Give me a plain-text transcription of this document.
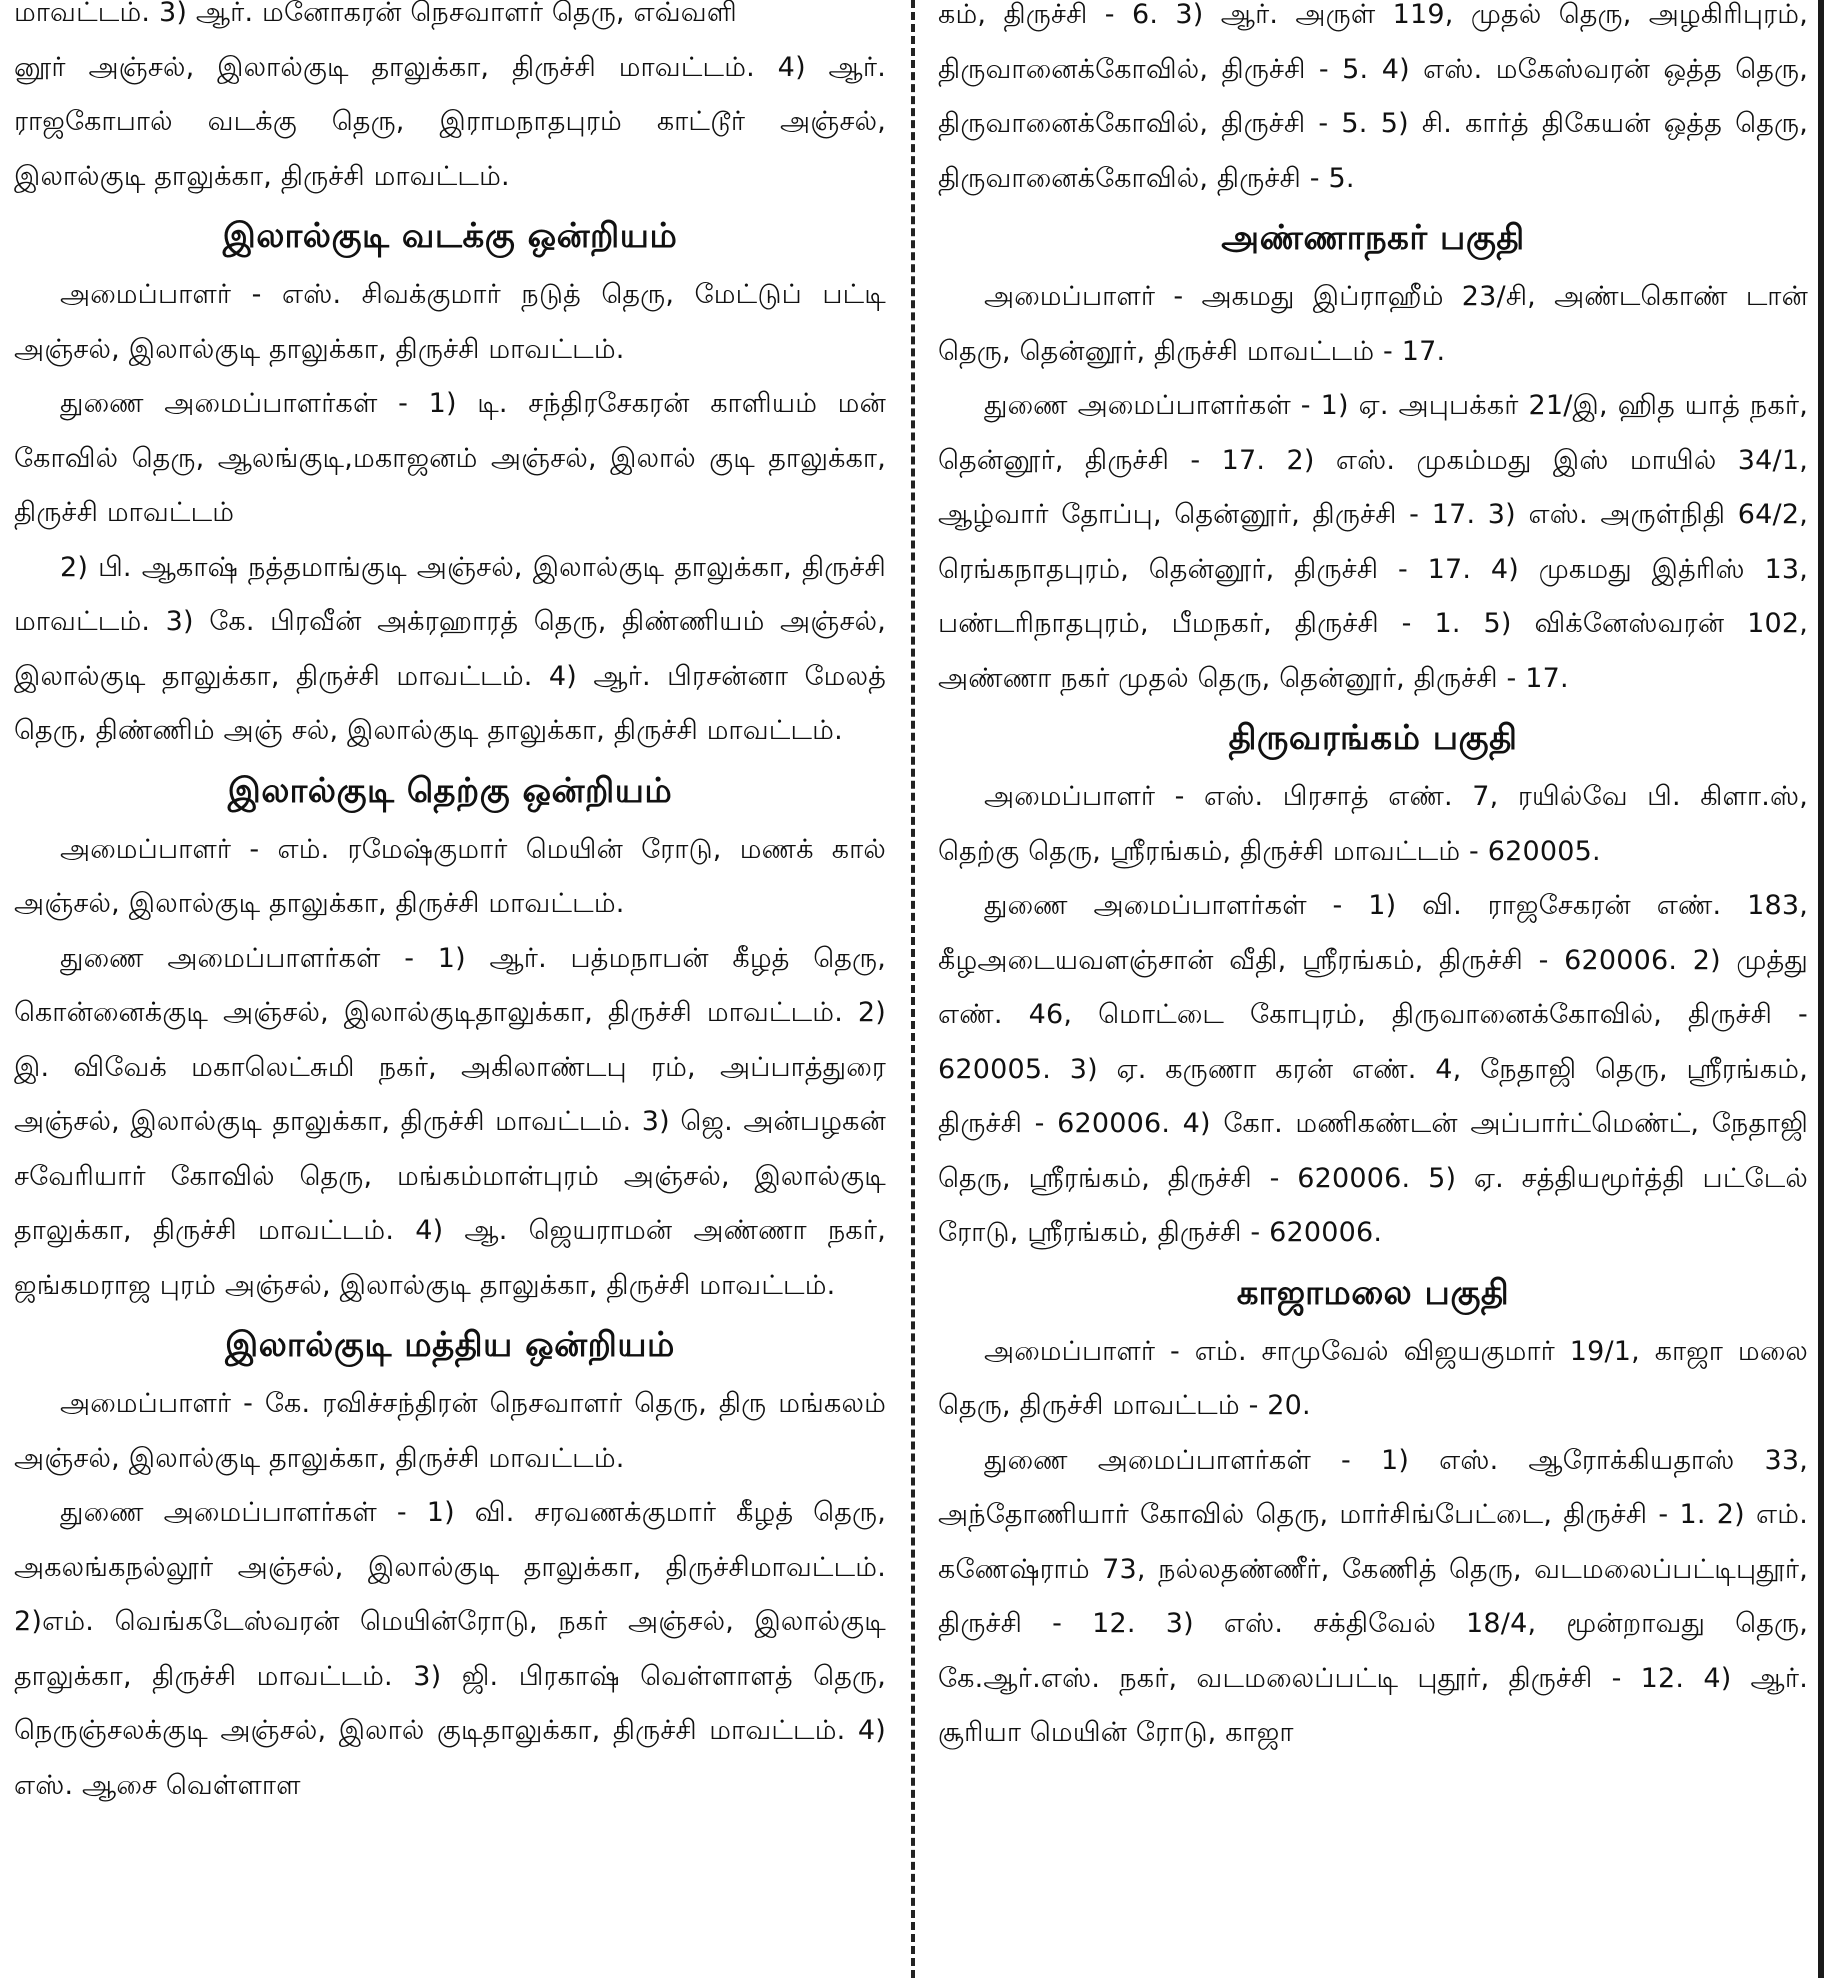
மாவட்டம். 3) ஆர். மனோகரன் நெசவாளர் தெரு, எவ்வளி

னூர் அஞ்சல், இலால்குடி தாலுக்கா, திருச்சி மாவட்டம். 4) ஆர். ராஜகோபால் வடக்கு தெரு, இராமநாதபுரம் காட்டூர் அஞ்சல், இலால்குடி தாலுக்கா, திருச்சி மாவட்டம்.

இலால்குடி வடக்கு ஒன்றியம்

அமைப்பாளர் - எஸ். சிவக்குமார் நடுத் தெரு, மேட்டுப் பட்டி அஞ்சல், இலால்குடி தாலுக்கா, திருச்சி மாவட்டம்.

துணை அமைப்பாளர்கள் - 1) டி. சந்திரசேகரன் காளியம் மன் கோவில் தெரு, ஆலங்குடி,மகாஜனம் அஞ்சல், இலால் குடி தாலுக்கா, திருச்சி மாவட்டம்

2) பி. ஆகாஷ் நத்தமாங்குடி அஞ்சல், இலால்குடி தாலுக்கா, திருச்சி மாவட்டம். 3) கே. பிரவீன் அக்ரஹாரத் தெரு, திண்ணியம் அஞ்சல், இலால்குடி தாலுக்கா, திருச்சி மாவட்டம். 4) ஆர். பிரசன்னா மேலத் தெரு, திண்ணிம் அஞ் சல், இலால்குடி தாலுக்கா, திருச்சி மாவட்டம்.

இலால்குடி தெற்கு ஒன்றியம்

அமைப்பாளர் - எம். ரமேஷ்குமார் மெயின் ரோடு, மணக் கால் அஞ்சல், இலால்குடி தாலுக்கா, திருச்சி மாவட்டம்.

துணை அமைப்பாளர்கள் - 1) ஆர். பத்மநாபன் கீழத் தெரு, கொன்னைக்குடி அஞ்சல், இலால்குடிதாலுக்கா, திருச்சி மாவட்டம். 2) இ. விவேக் மகாலெட்சுமி நகர், அகிலாண்டபு ரம், அப்பாத்துரை அஞ்சல், இலால்குடி தாலுக்கா, திருச்சி மாவட்டம். 3) ஜெ. அன்பழகன் சவேரியார் கோவில் தெரு, மங்கம்மாள்புரம் அஞ்சல், இலால்குடி தாலுக்கா, திருச்சி மாவட்டம். 4) ஆ. ஜெயராமன் அண்ணா நகர், ஜங்கமராஜ புரம் அஞ்சல், இலால்குடி தாலுக்கா, திருச்சி மாவட்டம்.

இலால்குடி மத்திய ஒன்றியம்

அமைப்பாளர் - கே. ரவிச்சந்திரன் நெசவாளர் தெரு, திரு மங்கலம் அஞ்சல், இலால்குடி தாலுக்கா, திருச்சி மாவட்டம்.

துணை அமைப்பாளர்கள் - 1) வி. சரவணக்குமார் கீழத் தெரு, அகலங்கநல்லூர் அஞ்சல், இலால்குடி தாலுக்கா, திருச்சிமாவட்டம். 2)எம். வெங்கடேஸ்வரன் மெயின்ரோடு, நகர் அஞ்சல், இலால்குடி தாலுக்கா, திருச்சி மாவட்டம். 3) ஜி. பிரகாஷ் வெள்ளாளத் தெரு, நெருஞ்சலக்குடி அஞ்சல், இலால் குடிதாலுக்கா, திருச்சி மாவட்டம். 4) எஸ். ஆசை வெள்ளாள

கம், திருச்சி - 6. 3) ஆர். அருள் 119, முதல் தெரு, அழகிரிபுரம், திருவானைக்கோவில், திருச்சி - 5. 4) எஸ். மகேஸ்வரன் ஒத்த தெரு, திருவானைக்கோவில், திருச்சி - 5. 5) சி. கார்த் திகேயன் ஒத்த தெரு, திருவானைக்கோவில், திருச்சி - 5.

அண்ணாநகர் பகுதி

அமைப்பாளர் - அகமது இப்ராஹீம் 23/சி, அண்டகொண் டான் தெரு, தென்னூர், திருச்சி மாவட்டம் - 17.

துணை அமைப்பாளர்கள் - 1) ஏ. அபுபக்கர் 21/இ, ஹித யாத் நகர், தென்னூர், திருச்சி - 17. 2) எஸ். முகம்மது இஸ் மாயில் 34/1, ஆழ்வார் தோப்பு, தென்னூர், திருச்சி - 17. 3) எஸ். அருள்நிதி 64/2, ரெங்கநாதபுரம், தென்னூர், திருச்சி - 17. 4) முகமது இத்ரிஸ் 13, பண்டரிநாதபுரம், பீமநகர், திருச்சி - 1. 5) விக்னேஸ்வரன் 102, அண்ணா நகர் முதல் தெரு, தென்னூர், திருச்சி - 17.

திருவரங்கம் பகுதி

அமைப்பாளர் - எஸ். பிரசாத் எண். 7, ரயில்வே பி. கிளா.ஸ், தெற்கு தெரு, ஸ்ரீரங்கம், திருச்சி மாவட்டம் - 620005.

துணை அமைப்பாளர்கள் - 1) வி. ராஜசேகரன் எண். 183, கீழஅடையவளஞ்சான் வீதி, ஸ்ரீரங்கம், திருச்சி - 620006. 2) முத்து எண். 46, மொட்டை கோபுரம், திருவானைக்கோவில், திருச்சி - 620005. 3) ஏ. கருணா கரன் எண். 4, நேதாஜி தெரு, ஸ்ரீரங்கம், திருச்சி - 620006. 4) கோ. மணிகண்டன் அப்பார்ட்மெண்ட், நேதாஜி தெரு, ஸ்ரீரங்கம், திருச்சி - 620006. 5) ஏ. சத்தியமூர்த்தி பட்டேல் ரோடு, ஸ்ரீரங்கம், திருச்சி - 620006.

காஜாமலை பகுதி

அமைப்பாளர் - எம். சாமுவேல் விஜயகுமார் 19/1, காஜா மலை தெரு, திருச்சி மாவட்டம் - 20.

துணை அமைப்பாளர்கள் - 1) எஸ். ஆரோக்கியதாஸ் 33, அந்தோணியார் கோவில் தெரு, மார்சிங்பேட்டை, திருச்சி - 1. 2) எம். கணேஷ்ராம் 73, நல்லதண்ணீர், கேணித் தெரு, வடமலைப்பட்டிபுதூர், திருச்சி - 12. 3) எஸ். சக்திவேல் 18/4, மூன்றாவது தெரு, கே.ஆர்.எஸ். நகர், வடமலைப்பட்டி புதூர், திருச்சி - 12. 4) ஆர். சூரியா மெயின் ரோடு, காஜா
